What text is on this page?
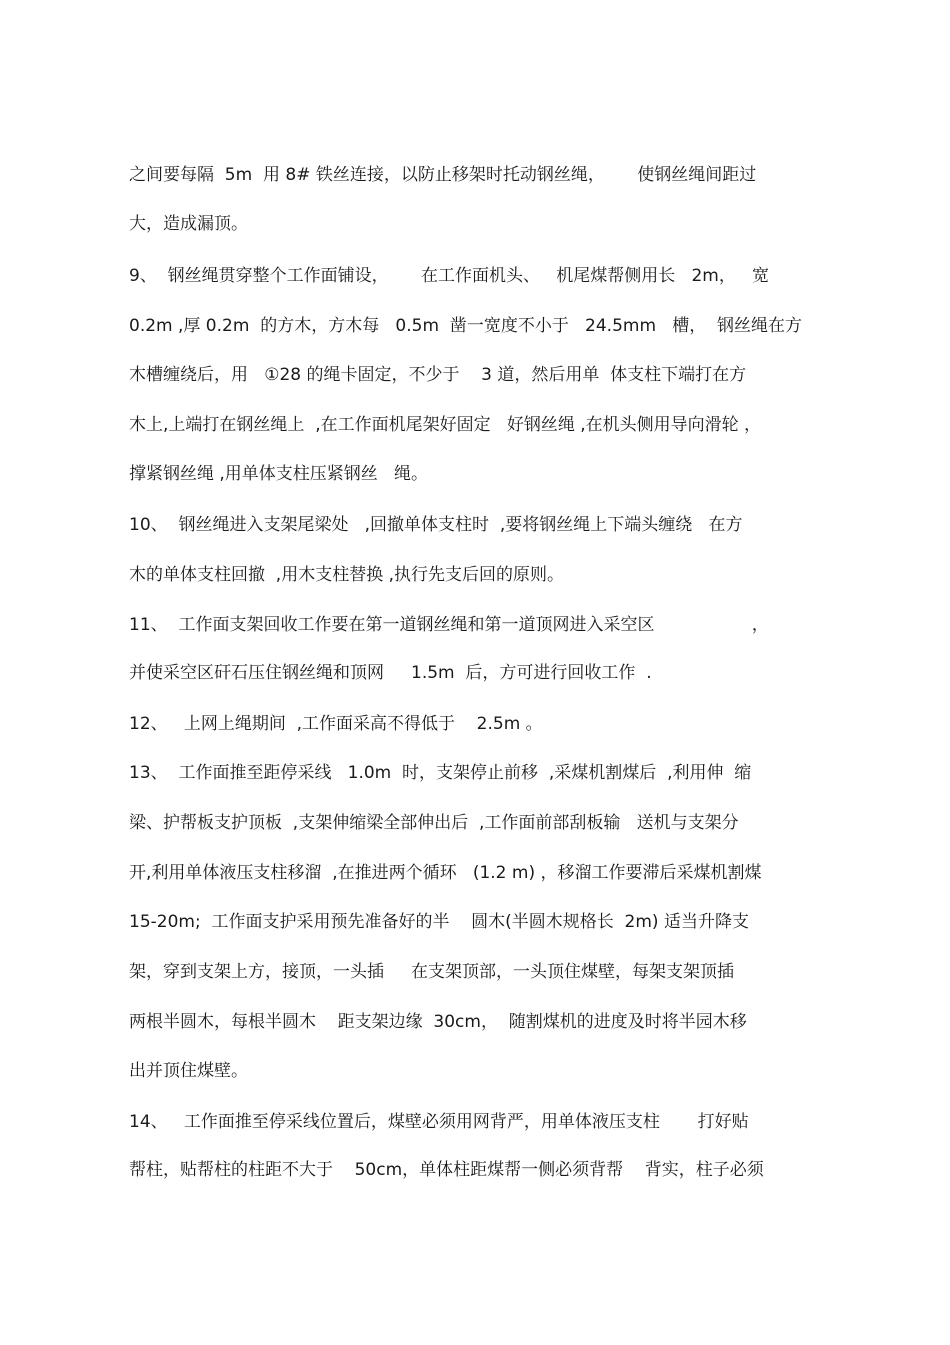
之间要每隔  5m  用 8# 铁丝连接，以防止移架时托动钢丝绳，      使钢丝绳间距过
大，造成漏顶。
9、  钢丝绳贯穿整个工作面铺设，      在工作面机头、   机尾煤帮侧用长   2m，   宽
0.2m ,厚 0.2m  的方木，方木每   0.5m  凿一宽度不小于   24.5mm   槽，  钢丝绳在方
木槽缠绕后，用   ①28 的绳卡固定，不少于    3 道，然后用单  体支柱下端打在方
木上,上端打在钢丝绳上  ,在工作面机尾架好固定   好钢丝绳 ,在机头侧用导向滑轮 ，
撑紧钢丝绳 ,用单体支柱压紧钢丝   绳。
10、  钢丝绳进入支架尾梁处   ,回撤单体支柱时  ,要将钢丝绳上下端头缠绕   在方
木的单体支柱回撤  ,用木支柱替换 ,执行先支后回的原则。
11、  工作面支架回收工作要在第一道钢丝绳和第一道顶网进入采空区                  ，
并使采空区矸石压住钢丝绳和顶网     1.5m  后，方可进行回收工作  .
12、   上网上绳期间  ,工作面采高不得低于    2.5m 。
13、  工作面推至距停采线   1.0m  时，支架停止前移  ,采煤机割煤后  ,利用伸  缩
梁、护帮板支护顶板  ,支架伸缩梁全部伸出后  ,工作面前部刮板输   送机与支架分
开,利用单体液压支柱移溜  ,在推进两个循环   (1.2 m) ，移溜工作要滞后采煤机割煤
15-20m;  工作面支护采用预先准备好的半    圆木(半圆木规格长  2m) 适当升降支
架，穿到支架上方，接顶，一头插     在支架顶部，一头顶住煤壁，每架支架顶插
两根半圆木，每根半圆木    距支架边缘  30cm，  随割煤机的进度及时将半园木移
出并顶住煤壁。
14、   工作面推至停采线位置后，煤壁必须用网背严，用单体液压支柱       打好贴
帮柱，贴帮柱的柱距不大于    50cm，单体柱距煤帮一侧必须背帮    背实，柱子必须
